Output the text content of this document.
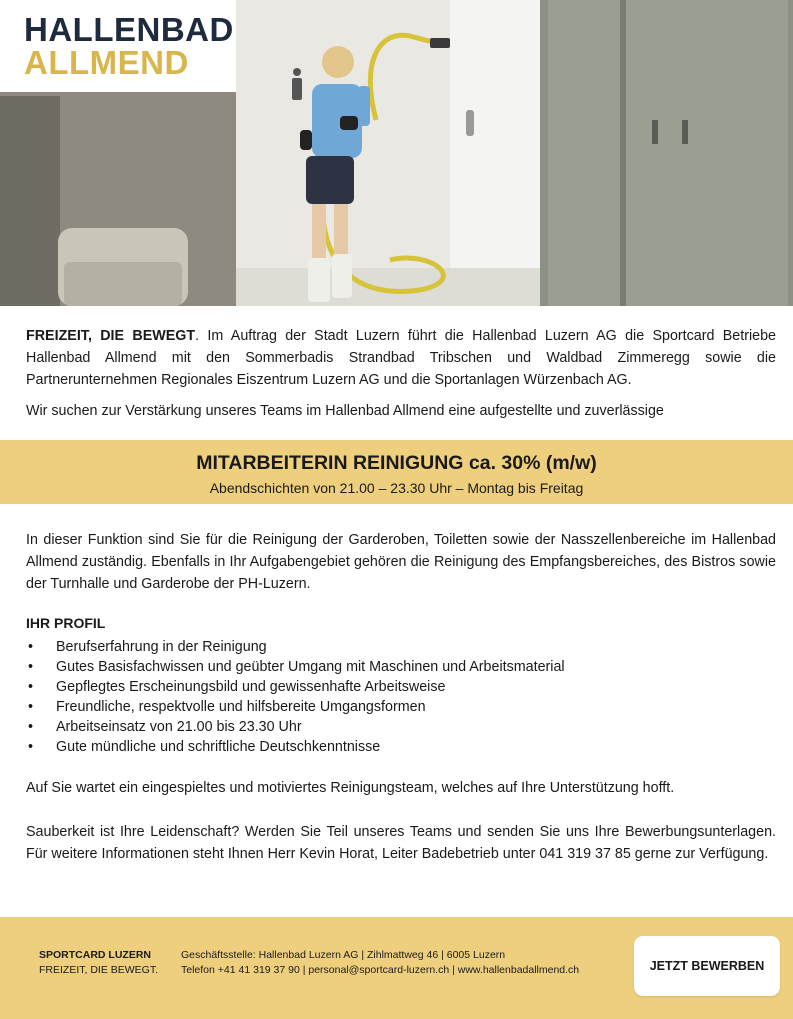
HALLENBAD
ALLMEND

FREIZEIT, DIE BEWEGT. Im Auftrag der Stadt Luzern führt die Hallenbad Luzern AG die Sportcard Betriebe Hallenbad Allmend mit den Sommerbadis Strandbad Tribschen und Waldbad Zimmeregg sowie die Partnerunternehmen Regionales Eiszentrum Luzern AG und die Sportanlagen Würzenbach AG.

Wir suchen zur Verstärkung unseres Teams im Hallenbad Allmend eine aufgestellte und zuverlässige

MITARBEITERIN REINIGUNG ca. 30% (m/w)
Abendschichten von 21.00 – 23.30 Uhr – Montag bis Freitag

In dieser Funktion sind Sie für die Reinigung der Garderoben, Toiletten sowie der Nasszellenbereiche im Hallenbad Allmend zuständig. Ebenfalls in Ihr Aufgabengebiet gehören die Reinigung des Empfangsbereiches, des Bistros sowie der Turnhalle und Garderobe der PH-Luzern.

IHR PROFIL
• Berufserfahrung in der Reinigung
• Gutes Basisfachwissen und geübter Umgang mit Maschinen und Arbeitsmaterial
• Gepflegtes Erscheinungsbild und gewissenhafte Arbeitsweise
• Freundliche, respektvolle und hilfsbereite Umgangsformen
• Arbeitseinsatz von 21.00 bis 23.30 Uhr
• Gute mündliche und schriftliche Deutschkenntnisse

Auf Sie wartet ein eingespieltes und motiviertes Reinigungsteam, welches auf Ihre Unterstützung hofft.

Sauberkeit ist Ihre Leidenschaft? Werden Sie Teil unseres Teams und senden Sie uns Ihre Bewerbungsunterlagen. Für weitere Informationen steht Ihnen Herr Kevin Horat, Leiter Badebetrieb unter 041 319 37 85 gerne zur Verfügung.

SPORTCARD LUZERN
FREIZEIT, DIE BEWEGT.
Geschäftsstelle: Hallenbad Luzern AG | Zihlmattweg 46 | 6005 Luzern
Telefon +41 41 319 37 90 | personal@sportcard-luzern.ch | www.hallenbadallmend.ch	JETZT BEWERBEN
